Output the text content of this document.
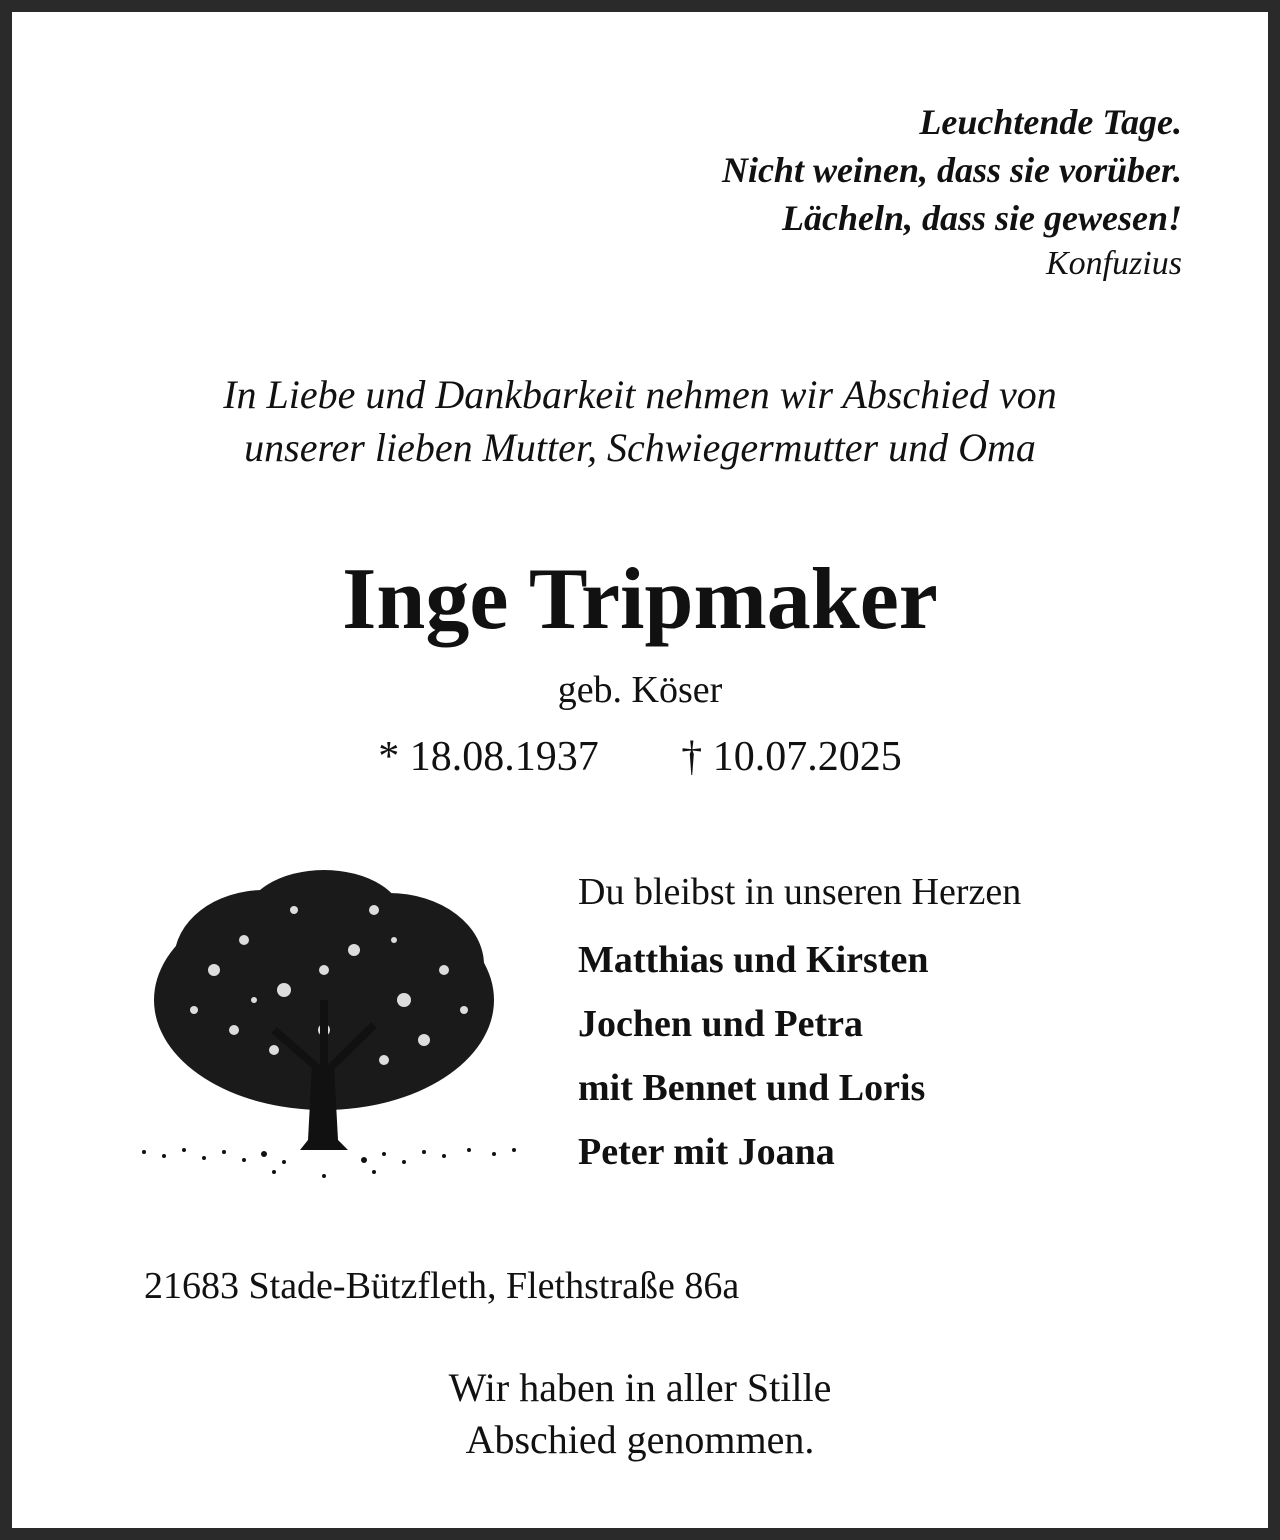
Leuchtende Tage.
Nicht weinen, dass sie vorüber.
Lächeln, dass sie gewesen!
Konfuzius
In Liebe und Dankbarkeit nehmen wir Abschied von
unserer lieben Mutter, Schwiegermutter und Oma
Inge Tripmaker
geb. Köser
* 18.08.1937 † 10.07.2025
Du bleibst in unseren Herzen
Matthias und Kirsten
Jochen und Petra
mit Bennet und Loris
Peter mit Joana
21683 Stade-Bützfleth, Flethstraße 86a
Wir haben in aller Stille
Abschied genommen.
